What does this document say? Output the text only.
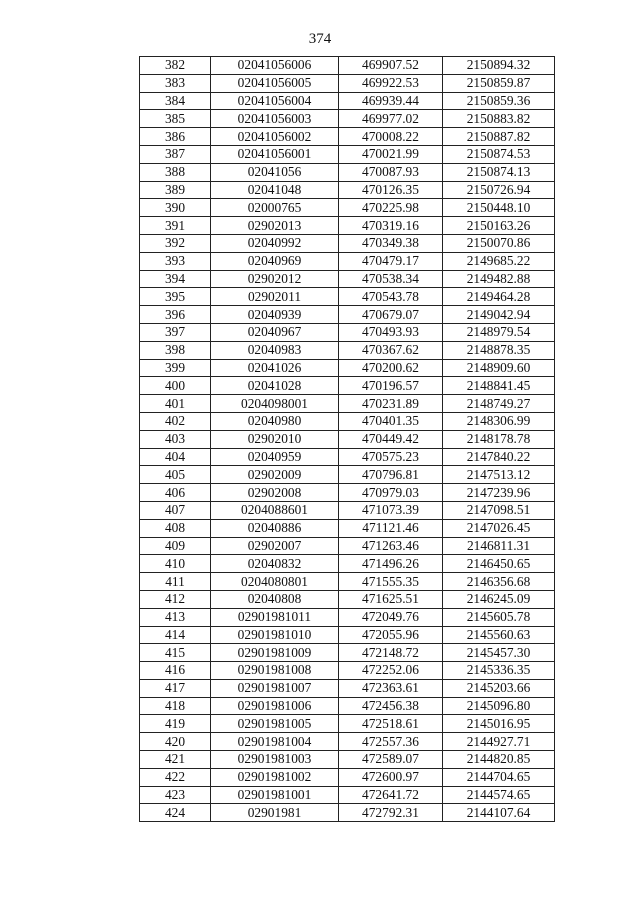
374
382	02041056006	469907.52	2150894.32
383	02041056005	469922.53	2150859.87
384	02041056004	469939.44	2150859.36
385	02041056003	469977.02	2150883.82
386	02041056002	470008.22	2150887.82
387	02041056001	470021.99	2150874.53
388	02041056	470087.93	2150874.13
389	02041048	470126.35	2150726.94
390	02000765	470225.98	2150448.10
391	02902013	470319.16	2150163.26
392	02040992	470349.38	2150070.86
393	02040969	470479.17	2149685.22
394	02902012	470538.34	2149482.88
395	02902011	470543.78	2149464.28
396	02040939	470679.07	2149042.94
397	02040967	470493.93	2148979.54
398	02040983	470367.62	2148878.35
399	02041026	470200.62	2148909.60
400	02041028	470196.57	2148841.45
401	0204098001	470231.89	2148749.27
402	02040980	470401.35	2148306.99
403	02902010	470449.42	2148178.78
404	02040959	470575.23	2147840.22
405	02902009	470796.81	2147513.12
406	02902008	470979.03	2147239.96
407	0204088601	471073.39	2147098.51
408	02040886	471121.46	2147026.45
409	02902007	471263.46	2146811.31
410	02040832	471496.26	2146450.65
411	0204080801	471555.35	2146356.68
412	02040808	471625.51	2146245.09
413	02901981011	472049.76	2145605.78
414	02901981010	472055.96	2145560.63
415	02901981009	472148.72	2145457.30
416	02901981008	472252.06	2145336.35
417	02901981007	472363.61	2145203.66
418	02901981006	472456.38	2145096.80
419	02901981005	472518.61	2145016.95
420	02901981004	472557.36	2144927.71
421	02901981003	472589.07	2144820.85
422	02901981002	472600.97	2144704.65
423	02901981001	472641.72	2144574.65
424	02901981	472792.31	2144107.64
